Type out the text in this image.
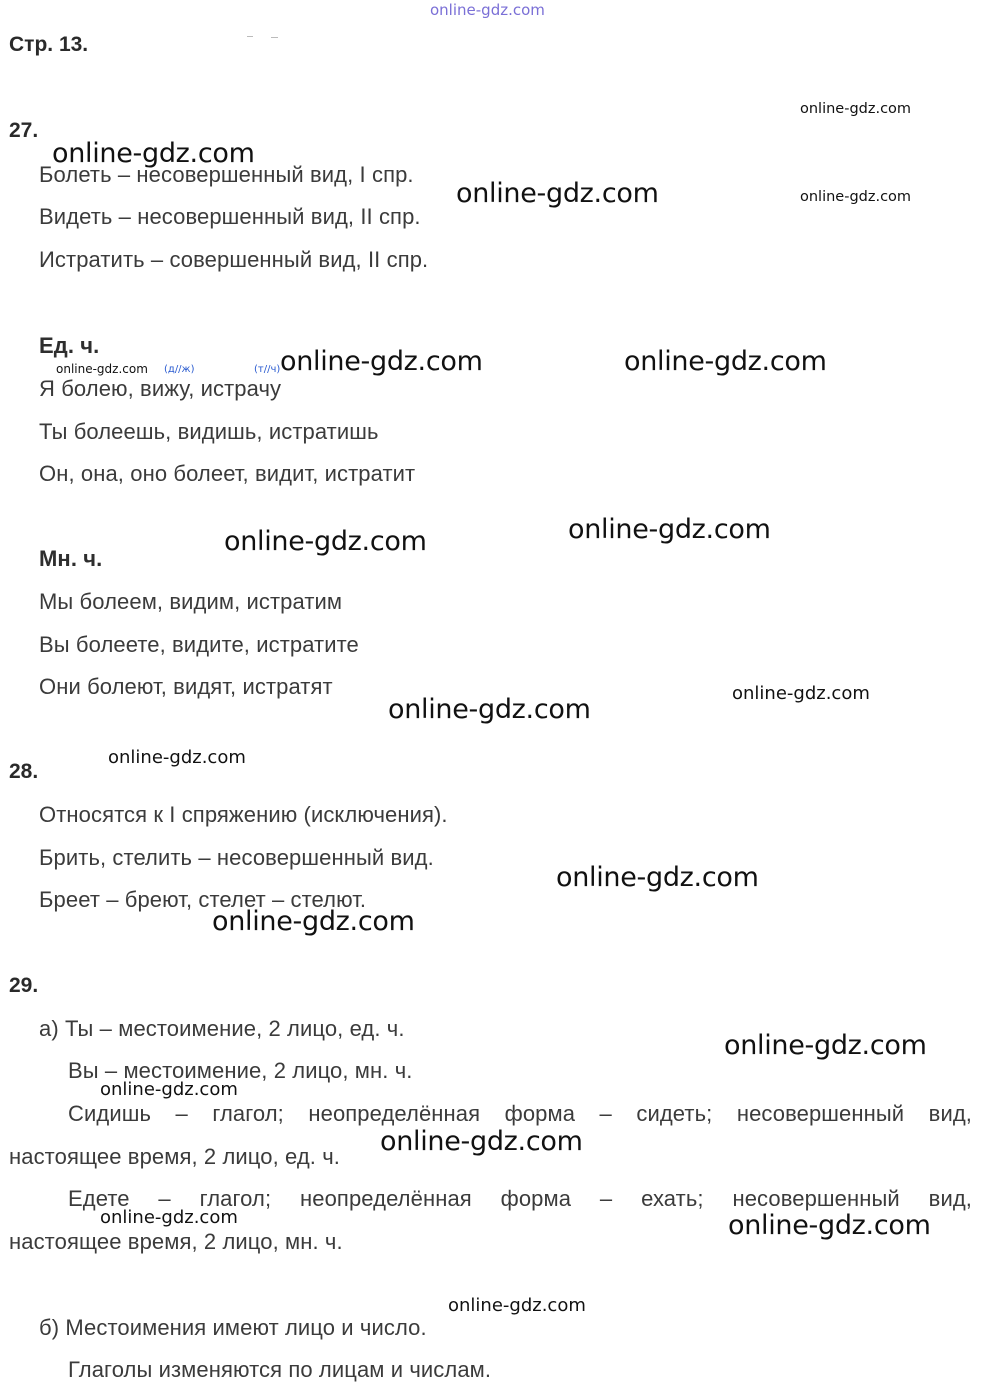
online-gdz.com
Стр. 13.
27.
Болеть – несовершенный вид, I спр.
Видеть – несовершенный вид, II спр.
Истратить – совершенный вид, II спр.
Ед. ч.
(д//ж)	(т//ч)
Я болею, вижу, истрачу
Ты болеешь, видишь, истратишь
Он, она, оно болеет, видит, истратит
Мн. ч.
Мы болеем, видим, истратим
Вы болеете, видите, истратите
Они болеют, видят, истратят
28.
Относятся к I спряжению (исключения).
Брить, стелить – несовершенный вид.
Бреет – бреют, стелет – стелют.
29.
а) Ты – местоимение, 2 лицо, ед. ч.
Вы – местоимение, 2 лицо, мн. ч.
Сидишь – глагол; неопределённая форма – сидеть; несовершенный вид,
настоящее время, 2 лицо, ед. ч.
Едете – глагол; неопределённая форма – ехать; несовершенный вид,
настоящее время, 2 лицо, мн. ч.
б) Местоимения имеют лицо и число.
Глаголы изменяются по лицам и числам.
online-gdz.com
online-gdz.com
online-gdz.com
online-gdz.com
online-gdz.com	online-gdz.com	online-gdz.com
online-gdz.com
online-gdz.com
online-gdz.com
online-gdz.com
online-gdz.com
online-gdz.com
online-gdz.com
online-gdz.com
online-gdz.com
online-gdz.com
online-gdz.com	online-gdz.com
online-gdz.com
